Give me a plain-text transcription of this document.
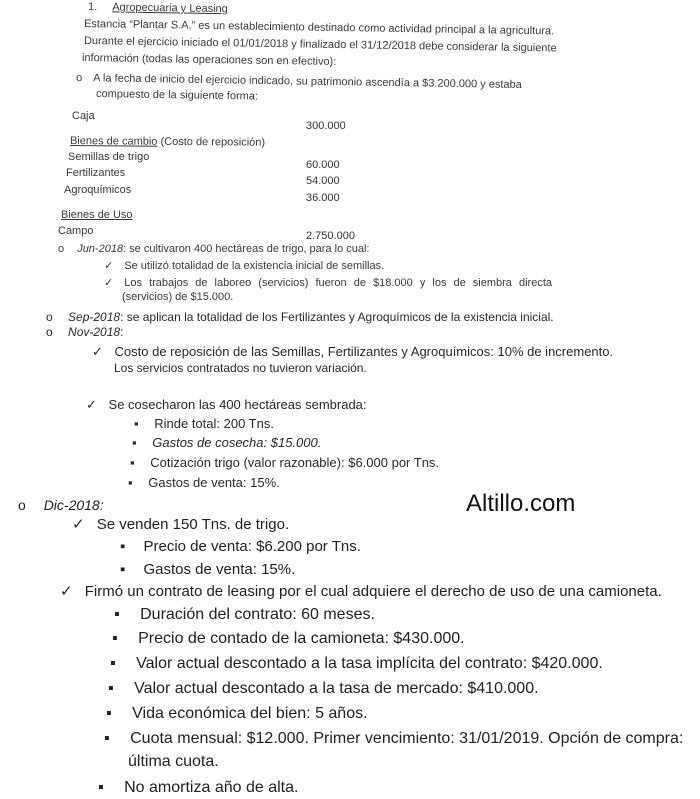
1. Agropecuaria y Leasing
Estancia “Plantar S.A.” es un establecimiento destinado como actividad principal a la agricultura.
Durante el ejercicio iniciado el 01/01/2018 y finalizado el 31/12/2018 debe considerar la siguiente
información (todas las operaciones son en efectivo):
o A la fecha de inicio del ejercicio indicado, su patrimonio ascendía a $3.200.000 y estaba
compuesto de la siguiente forma:
Caja
300.000
Bienes de cambio (Costo de reposición)
Semillas de trigo
Fertilizantes
Agroquímicos
60.000
54.000
36.000
Bienes de Uso
Campo	2.750.000
o Jun-2018: se cultivaron 400 hectáreas de trigo, para lo cual:
✓ Se utilizó totalidad de la existencia inicial de semillas.
✓ Los trabajos de laboreo (servicios) fueron de $18.000 y los de siembra directa
(servicios) de $15.000.
o Sep-2018: se aplican la totalidad de los Fertilizantes y Agroquímicos de la existencia inicial.
o Nov-2018:
✓ Costo de reposición de las Semillas, Fertilizantes y Agroquímicos: 10% de incremento.
Los servicios contratados no tuvieron variación.
✓ Se cosecharon las 400 hectáreas sembrada:
▪ Rinde total: 200 Tns.
▪ Gastos de cosecha: $15.000.
▪ Cotización trigo (valor razonable): $6.000 por Tns.
▪ Gastos de venta: 15%.
Altillo.com
o Dic-2018:
✓ Se venden 150 Tns. de trigo.
▪ Precio de venta: $6.200 por Tns.
▪ Gastos de venta: 15%.
✓ Firmó un contrato de leasing por el cual adquiere el derecho de uso de una camioneta.
▪ Duración del contrato: 60 meses.
▪ Precio de contado de la camioneta: $430.000.
▪ Valor actual descontado a la tasa implícita del contrato: $420.000.
▪ Valor actual descontado a la tasa de mercado: $410.000.
▪ Vida económica del bien: 5 años.
▪ Cuota mensual: $12.000. Primer vencimiento: 31/01/2019. Opción de compra:
última cuota.
▪ No amortiza año de alta.
